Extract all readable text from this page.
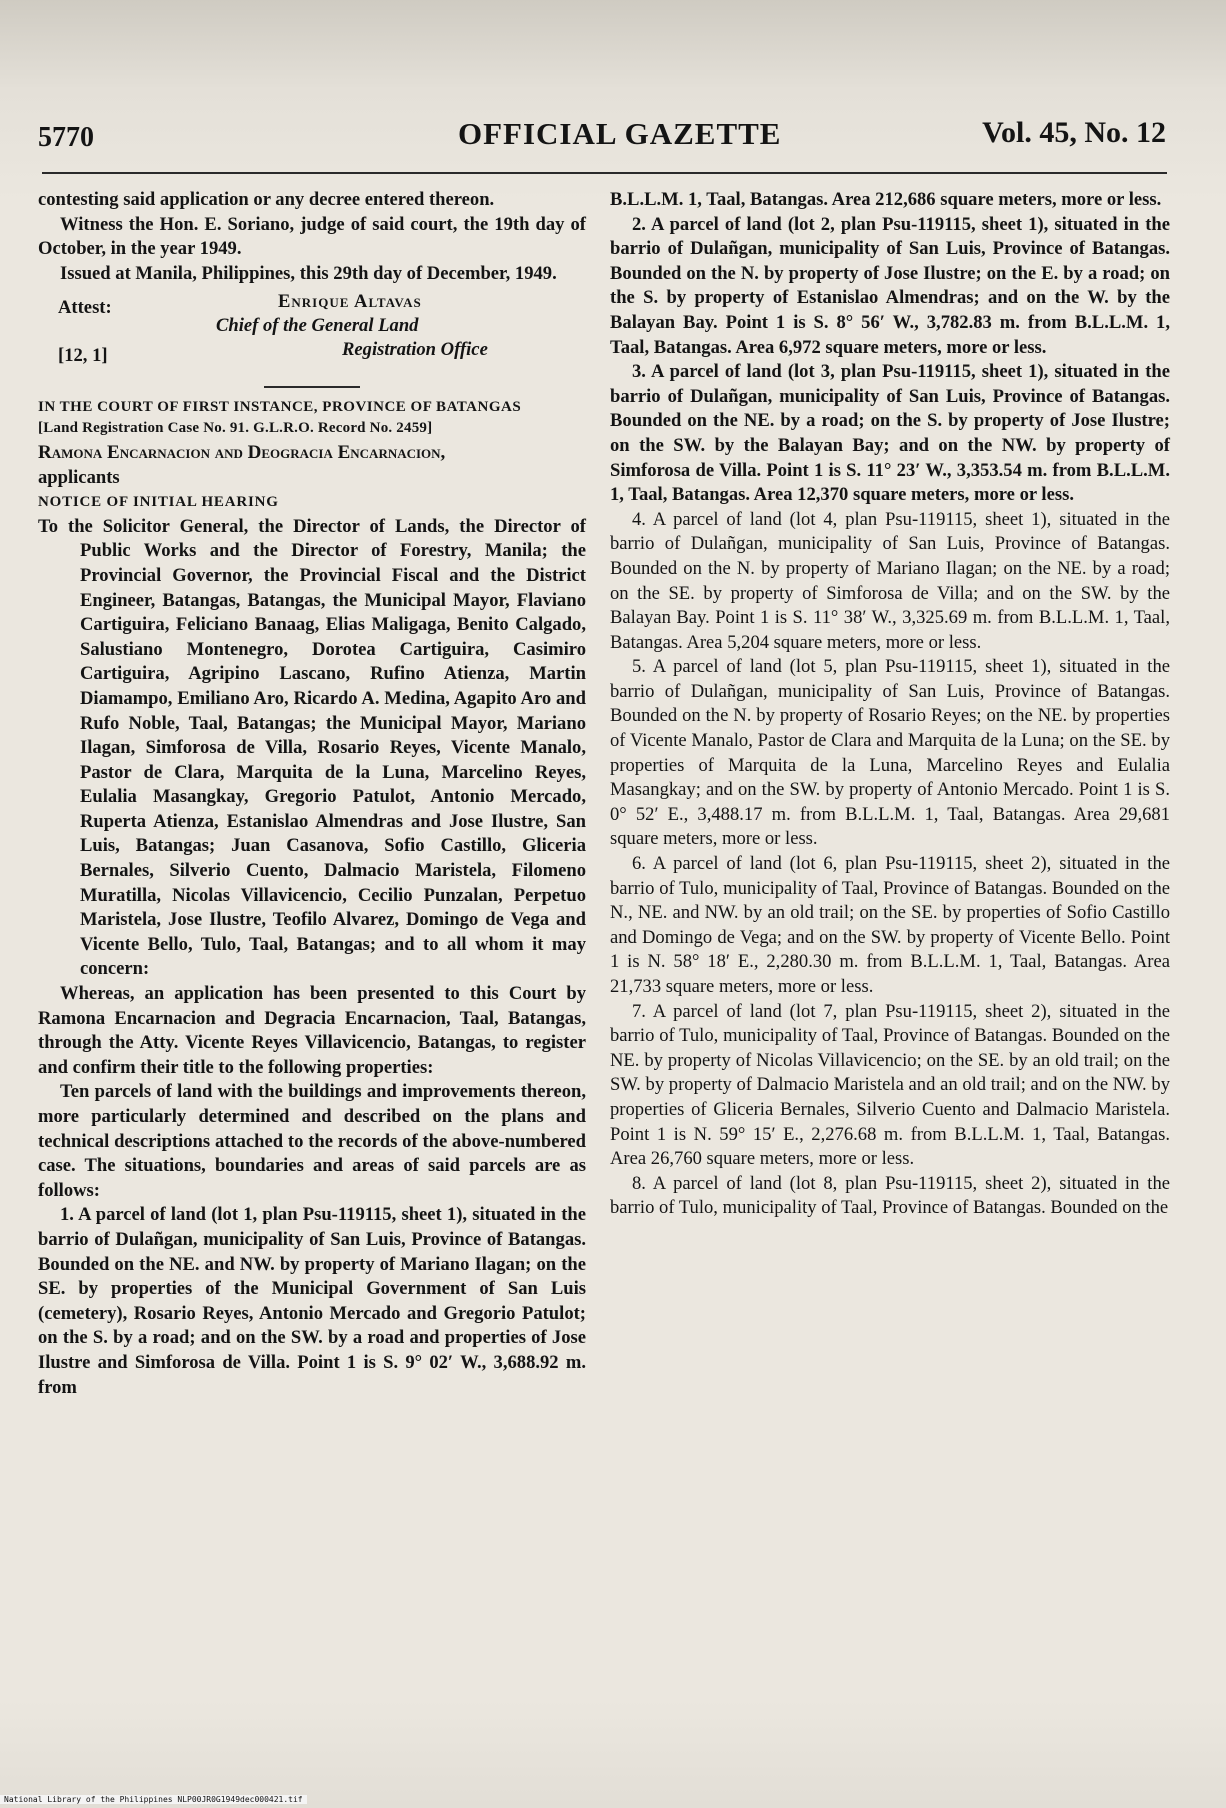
5770	OFFICIAL GAZETTE	Vol. 45, No. 12

contesting said application or any decree entered thereon.

Witness the Hon. E. Soriano, judge of said court, the 19th day of October, in the year 1949.

Issued at Manila, Philippines, this 29th day of December, 1949.

Attest:	Enrique Altavas
Chief of the General Land
[12, 1]	Registration Office

IN THE COURT OF FIRST INSTANCE, PROVINCE OF BATANGAS

[Land Registration Case No. 91. G.L.R.O. Record No. 2459]

Ramona Encarnacion and Deogracia Encarnacion,

applicants

NOTICE OF INITIAL HEARING

To the Solicitor General, the Director of Lands, the Director of Public Works and the Director of Forestry, Manila; the Provincial Governor, the Provincial Fiscal and the District Engineer, Batangas, Batangas, the Municipal Mayor, Flaviano Cartiguira, Feliciano Banaag, Elias Maligaga, Benito Calgado, Salustiano Montenegro, Dorotea Cartiguira, Casimiro Cartiguira, Agripino Lascano, Rufino Atienza, Martin Diamampo, Emiliano Aro, Ricardo A. Medina, Agapito Aro and Rufo Noble, Taal, Batangas; the Municipal Mayor, Mariano Ilagan, Simforosa de Villa, Rosario Reyes, Vicente Manalo, Pastor de Clara, Marquita de la Luna, Marcelino Reyes, Eulalia Masangkay, Gregorio Patulot, Antonio Mercado, Ruperta Atienza, Estanislao Almendras and Jose Ilustre, San Luis, Batangas; Juan Casanova, Sofio Castillo, Gliceria Bernales, Silverio Cuento, Dalmacio Maristela, Filomeno Muratilla, Nicolas Villavicencio, Cecilio Punzalan, Perpetuo Maristela, Jose Ilustre, Teofilo Alvarez, Domingo de Vega and Vicente Bello, Tulo, Taal, Batangas; and to all whom it may concern:

Whereas, an application has been presented to this Court by Ramona Encarnacion and Degracia Encarnacion, Taal, Batangas, through the Atty. Vicente Reyes Villavicencio, Batangas, to register and confirm their title to the following properties:

Ten parcels of land with the buildings and improvements thereon, more particularly determined and described on the plans and technical descriptions attached to the records of the above-numbered case. The situations, boundaries and areas of said parcels are as follows:

1. A parcel of land (lot 1, plan Psu-119115, sheet 1), situated in the barrio of Dulañgan, municipality of San Luis, Province of Batangas. Bounded on the NE. and NW. by property of Mariano Ilagan; on the SE. by properties of the Municipal Government of San Luis (cemetery), Rosario Reyes, Antonio Mercado and Gregorio Patulot; on the S. by a road; and on the SW. by a road and properties of Jose Ilustre and Simforosa de Villa. Point 1 is S. 9° 02′ W., 3,688.92 m. from

B.L.L.M. 1, Taal, Batangas. Area 212,686 square meters, more or less.

2. A parcel of land (lot 2, plan Psu-119115, sheet 1), situated in the barrio of Dulañgan, municipality of San Luis, Province of Batangas. Bounded on the N. by property of Jose Ilustre; on the E. by a road; on the S. by property of Estanislao Almendras; and on the W. by the Balayan Bay. Point 1 is S. 8° 56′ W., 3,782.83 m. from B.L.L.M. 1, Taal, Batangas. Area 6,972 square meters, more or less.

3. A parcel of land (lot 3, plan Psu-119115, sheet 1), situated in the barrio of Dulañgan, municipality of San Luis, Province of Batangas. Bounded on the NE. by a road; on the S. by property of Jose Ilustre; on the SW. by the Balayan Bay; and on the NW. by property of Simforosa de Villa. Point 1 is S. 11° 23′ W., 3,353.54 m. from B.L.L.M. 1, Taal, Batangas. Area 12,370 square meters, more or less.

4. A parcel of land (lot 4, plan Psu-119115, sheet 1), situated in the barrio of Dulañgan, municipality of San Luis, Province of Batangas. Bounded on the N. by property of Mariano Ilagan; on the NE. by a road; on the SE. by property of Simforosa de Villa; and on the SW. by the Balayan Bay. Point 1 is S. 11° 38′ W., 3,325.69 m. from B.L.L.M. 1, Taal, Batangas. Area 5,204 square meters, more or less.

5. A parcel of land (lot 5, plan Psu-119115, sheet 1), situated in the barrio of Dulañgan, municipality of San Luis, Province of Batangas. Bounded on the N. by property of Rosario Reyes; on the NE. by properties of Vicente Manalo, Pastor de Clara and Marquita de la Luna; on the SE. by properties of Marquita de la Luna, Marcelino Reyes and Eulalia Masangkay; and on the SW. by property of Antonio Mercado. Point 1 is S. 0° 52′ E., 3,488.17 m. from B.L.L.M. 1, Taal, Batangas. Area 29,681 square meters, more or less.

6. A parcel of land (lot 6, plan Psu-119115, sheet 2), situated in the barrio of Tulo, municipality of Taal, Province of Batangas. Bounded on the N., NE. and NW. by an old trail; on the SE. by properties of Sofio Castillo and Domingo de Vega; and on the SW. by property of Vicente Bello. Point 1 is N. 58° 18′ E., 2,280.30 m. from B.L.L.M. 1, Taal, Batangas. Area 21,733 square meters, more or less.

7. A parcel of land (lot 7, plan Psu-119115, sheet 2), situated in the barrio of Tulo, municipality of Taal, Province of Batangas. Bounded on the NE. by property of Nicolas Villavicencio; on the SE. by an old trail; on the SW. by property of Dalmacio Maristela and an old trail; and on the NW. by properties of Gliceria Bernales, Silverio Cuento and Dalmacio Maristela. Point 1 is N. 59° 15′ E., 2,276.68 m. from B.L.L.M. 1, Taal, Batangas. Area 26,760 square meters, more or less.

8. A parcel of land (lot 8, plan Psu-119115, sheet 2), situated in the barrio of Tulo, municipality of Taal, Province of Batangas. Bounded on the

National Library of the Philippines NLP00JR0G1949dec000421.tif
